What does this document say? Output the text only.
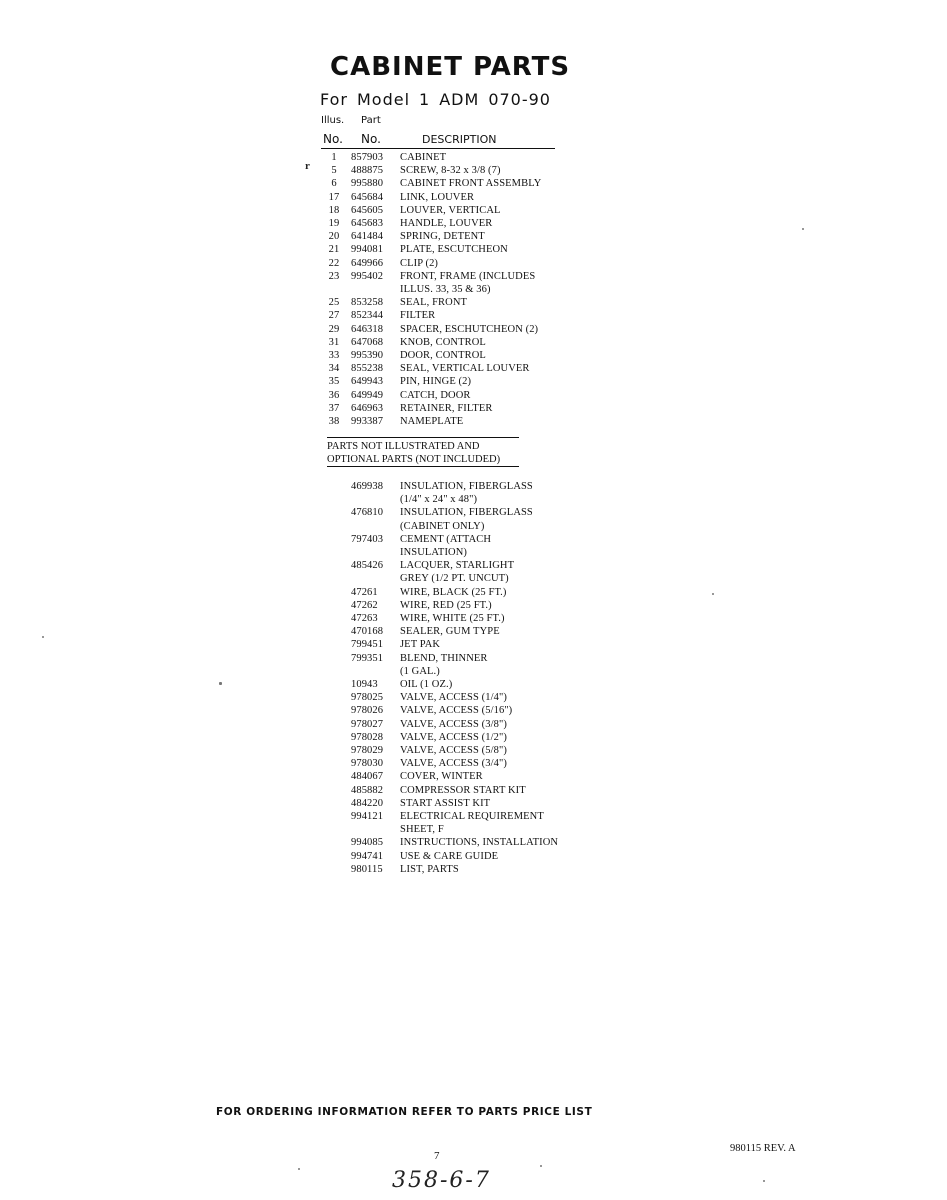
CABINET PARTS
For Model 1 ADM 070-90
Illus. Part
No. No.	DESCRIPTION
1	857903 CABINET
5	488875 SCREW, 8-32 x 3/8 (7)
6	995880 CABINET FRONT ASSEMBLY
17	645684 LINK, LOUVER
18	645605 LOUVER, VERTICAL
19	645683 HANDLE, LOUVER
20	641484 SPRING, DETENT
21	994081 PLATE, ESCUTCHEON
22	649966 CLIP (2)
23	995402 FRONT, FRAME (INCLUDES
ILLUS. 33, 35 & 36)
25	853258 SEAL, FRONT
27	852344 FILTER
29	646318 SPACER, ESCHUTCHEON (2)
31	647068 KNOB, CONTROL
33	995390 DOOR, CONTROL
34	855238 SEAL, VERTICAL LOUVER
35	649943 PIN, HINGE (2)
36	649949 CATCH, DOOR
37	646963 RETAINER, FILTER
38	993387 NAMEPLATE
PARTS NOT ILLUSTRATED AND
OPTIONAL PARTS (NOT INCLUDED)
469938 INSULATION, FIBERGLASS
(1/4" x 24" x 48")
476810 INSULATION, FIBERGLASS
(CABINET ONLY)
797403 CEMENT (ATTACH
INSULATION)
485426 LACQUER, STARLIGHT
GREY (1/2 PT. UNCUT)
47261 WIRE, BLACK (25 FT.)
47262 WIRE, RED (25 FT.)
47263 WIRE, WHITE (25 FT.)
470168 SEALER, GUM TYPE
799451 JET PAK
799351 BLEND, THINNER
(1 GAL.)
10943 OIL (1 OZ.)
978025 VALVE, ACCESS (1/4")
978026 VALVE, ACCESS (5/16")
978027 VALVE, ACCESS (3/8")
978028 VALVE, ACCESS (1/2")
978029 VALVE, ACCESS (5/8")
978030 VALVE, ACCESS (3/4")
484067 COVER, WINTER
485882 COMPRESSOR START KIT
484220 START ASSIST KIT
994121 ELECTRICAL REQUIREMENT
SHEET, F
994085 INSTRUCTIONS, INSTALLATION
994741 USE & CARE GUIDE
980115 LIST, PARTS
FOR ORDERING INFORMATION REFER TO PARTS PRICE LIST
7
980115 REV. A
358-6-7
r
